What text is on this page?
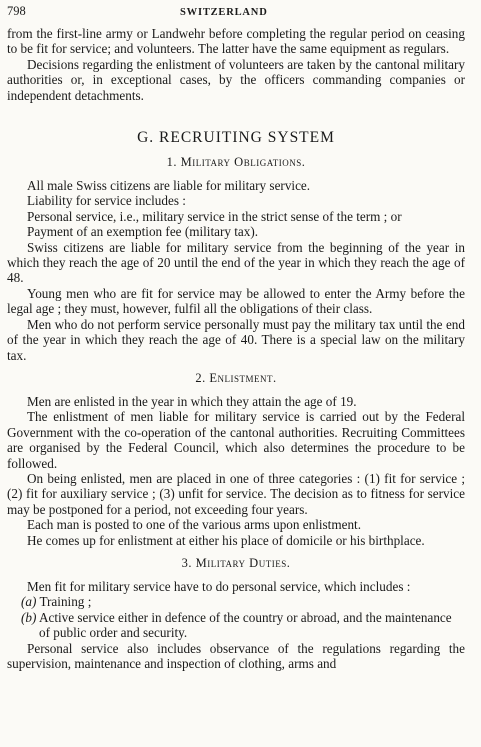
798	SWITZERLAND

from the first-line army or Landwehr before completing the regular period on ceasing to be fit for service; and volunteers. The latter have the same equipment as regulars.

Decisions regarding the enlistment of volunteers are taken by the cantonal military authorities or, in exceptional cases, by the officers commanding companies or independent detachments.

G. RECRUITING SYSTEM
1. Military Obligations.

All male Swiss citizens are liable for military service.

Liability for service includes :

Personal service, i.e., military service in the strict sense of the term ; or

Payment of an exemption fee (military tax).

Swiss citizens are liable for military service from the beginning of the year in which they reach the age of 20 until the end of the year in which they reach the age of 48.

Young men who are fit for service may be allowed to enter the Army before the legal age ; they must, however, fulfil all the obligations of their class.

Men who do not perform service personally must pay the military tax until the end of the year in which they reach the age of 40. There is a special law on the military tax.

2. Enlistment.

Men are enlisted in the year in which they attain the age of 19.

The enlistment of men liable for military service is carried out by the Federal Government with the co-operation of the cantonal authorities. Recruiting Committees are organised by the Federal Council, which also determines the procedure to be followed.

On being enlisted, men are placed in one of three categories : (1) fit for service ; (2) fit for auxiliary service ; (3) unfit for service. The decision as to fitness for service may be postponed for a period, not exceeding four years.

Each man is posted to one of the various arms upon enlistment.

He comes up for enlistment at either his place of domicile or his birthplace.

3. Military Duties.

Men fit for military service have to do personal service, which includes :

(a) Training ;
(b) Active service either in defence of the country or abroad, and the maintenance of public order and security.

Personal service also includes observance of the regulations regarding the supervision, maintenance and inspection of clothing, arms and
